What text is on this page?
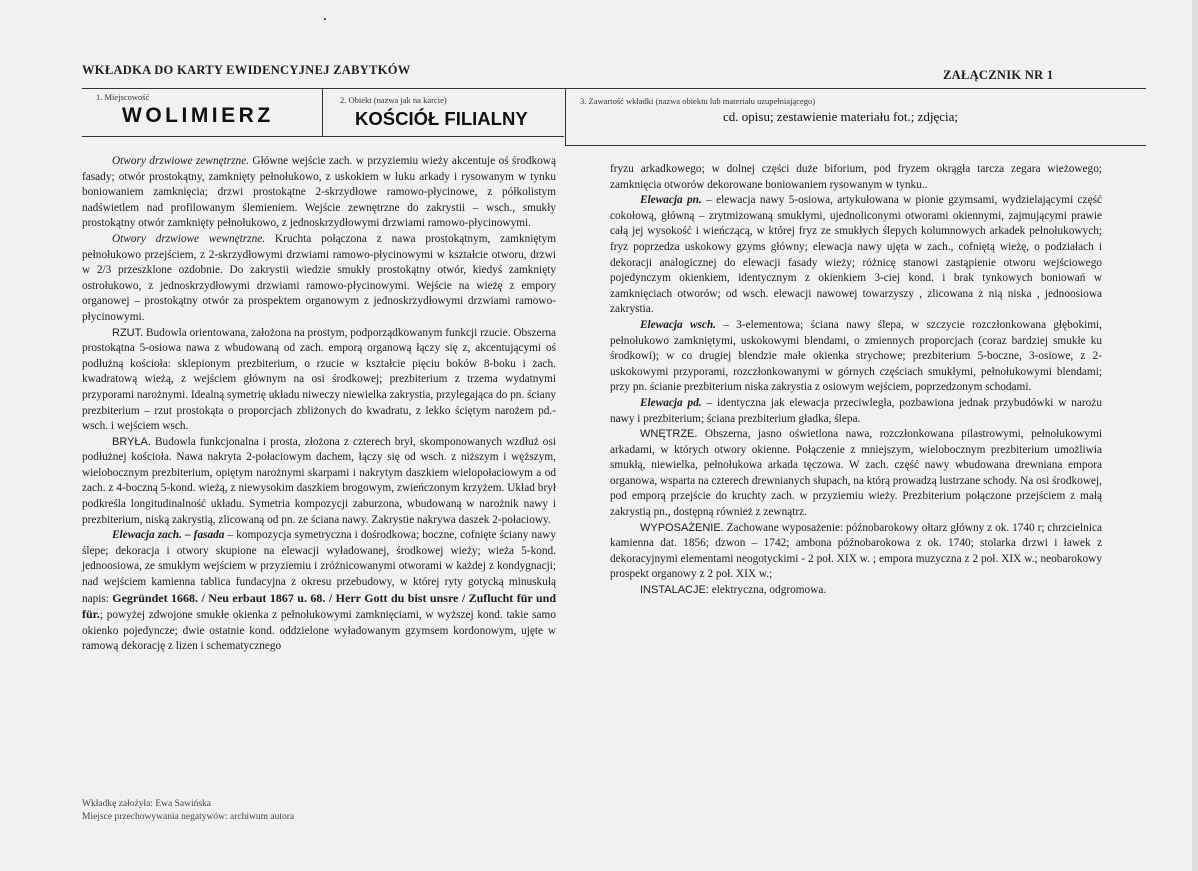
WKŁADKA DO KARTY EWIDENCYJNEJ ZABYTKÓW	ZAŁĄCZNIK NR 1
1. Miejscowość
WOLIMIERZ
2. Obiekt (nazwa jak na karcie)
KOŚCIÓŁ FILIALNY
3. Zawartość wkładki (nazwa obiektu lub materiału uzupełniającego)
cd. opisu; zestawienie materiału fot.; zdjęcia;

Otwory drzwiowe zewnętrzne. Główne wejście zach. w przyziemiu wieży akcentuje oś środkową fasady; otwór prostokątny, zamknięty pełnołukowo, z uskokiem w łuku arkady i rysowanym w tynku boniowaniem zamknięcia; drzwi prostokątne 2-skrzydłowe ramowo-płycinowe, z półkolistym nadświetlem nad profilowanym ślemieniem. Wejście zewnętrzne do zakrystii – wsch., smukły prostokątny otwór zamknięty pełnołukowo, z jednoskrzydłowymi drzwiami ramowo-płycinowymi.

Otwory drzwiowe wewnętrzne. Kruchta połączona z nawa prostokątnym, zamkniętym pełnołukowo przejściem, z 2-skrzydłowymi drzwiami ramowo-płycinowymi w kształcie otworu, drzwi w 2/3 przeszklone ozdobnie. Do zakrystii wiedzie smukły prostokątny otwór, kiedyś zamknięty ostrołukowo, z jednoskrzydłowymi drzwiami ramowo-płycinowymi. Wejście na wieżę z empory organowej – prostokątny otwór za prospektem organowym z jednoskrzydłowymi drzwiami ramowo-płycinowymi.

RZUT. Budowla orientowana, założona na prostym, podporządkowanym funkcji rzucie. Obszerna prostokątna 5-osiowa nawa z wbudowaną od zach. emporą organową łączy się z, akcentującymi oś podłużną kościoła: sklepionym prezbiterium, o rzucie w kształcie pięciu boków 8-boku i zach. kwadratową wieżą, z wejściem głównym na osi środkowej; prezbiterium z trzema wydatnymi przyporami narożnymi. Idealną symetrię układu niweczy niewielka zakrystia, przylegająca do pn. ściany prezbiterium – rzut prostokąta o proporcjach zbliżonych do kwadratu, z lekko ściętym narożem pd.-wsch. i wejściem wsch.

BRYŁA. Budowla funkcjonalna i prosta, złożona z czterech brył, skomponowanych wzdłuż osi podłużnej kościoła. Nawa nakryta 2-połaciowym dachem, łączy się od wsch. z niższym i węższym, wielobocznym prezbiterium, opiętym narożnymi skarpami i nakrytym daszkiem wielopołaciowym a od zach. z 4-boczną 5-kond. wieżą, z niewysokim daszkiem brogowym, zwieńczonym krzyżem. Układ brył podkreśla longitudinalność układu. Symetria kompozycji zaburzona, wbudowaną w narożnik nawy i prezbiterium, niską zakrystią, zlicowaną od pn. ze ściana nawy. Zakrystie nakrywa daszek 2-połaciowy.

Elewacja zach. – fasada – kompozycja symetryczna i dośrodkowa; boczne, cofnięte ściany nawy ślepe; dekoracja i otwory skupione na elewacji wyładowanej, środkowej wieży; wieża 5-kond. jednoosiowa, ze smukłym wejściem w przyziemiu i zróżnicowanymi otworami w każdej z kondygnacji; nad wejściem kamienna tablica fundacyjna z okresu przebudowy, w której ryty gotycką minuskułą napis: Gegründet 1668. / Neu erbaut 1867 u. 68. / Herr Gott du bist unsre / Zuflucht für und für.; powyżej zdwojone smukłe okienka z pełnołukowymi zamknięciami, w wyższej kond. takie samo okienko pojedyncze; dwie ostatnie kond. oddzielone wyładowanym gzymsem kordonowym, ujęte w ramową dekorację z lizen i schematycznego

fryzu arkadkowego; w dolnej części duże biforium, pod fryzem okrągła tarcza zegara wieżowego; zamknięcia otworów dekorowane boniowaniem rysowanym w tynku..

Elewacja pn. – elewacja nawy 5-osiowa, artykułowana w pionie gzymsami, wydzielającymi część cokołową, główną – zrytmizowaną smukłymi, ujednoliconymi otworami okiennymi, zajmującymi prawie całą jej wysokość i wieńczącą, w której fryz ze smukłych ślepych kolumnowych arkadek pełnołukowych; fryz poprzedza uskokowy gzyms główny; elewacja nawy ujęta w zach., cofniętą wieżę, o podziałach i dekoracji analogicznej do elewacji fasady wieży; różnicę stanowi zastąpienie otworu wejściowego pojedynczym okienkiem, identycznym z okienkiem 3-ciej kond. i brak tynkowych boniowań w zamknięciach otworów; od wsch. elewacji nawowej towarzyszy , zlicowana z nią niska , jednoosiowa zakrystia.

Elewacja wsch. – 3-elementowa; ściana nawy ślepa, w szczycie rozczłonkowana głębokimi, pełnołukowo zamkniętymi, uskokowymi blendami, o zmiennych proporcjach (coraz bardziej smukłe ku środkowi); w co drugiej blendzie małe okienka strychowe; prezbiterium 5-boczne, 3-osiowe, z 2-uskokowymi przyporami, rozczłonkowanymi w górnych częściach smukłymi, pełnołukowymi blendami; przy pn. ścianie prezbiterium niska zakrystia z osiowym wejściem, poprzedzonym schodami.

Elewacja pd. – identyczna jak elewacja przeciwległa, pozbawiona jednak przybudówki w narożu nawy i prezbiterium; ściana prezbiterium gładka, ślepa.

WNĘTRZE. Obszerna, jasno oświetlona nawa, rozczłonkowana pilastrowymi, pełnołukowymi arkadami, w których otwory okienne. Połączenie z mniejszym, wielobocznym prezbiterium umożliwia smukłą, niewielka, pełnołukowa arkada tęczowa. W zach. część nawy wbudowana drewniana empora organowa, wsparta na czterech drewnianych słupach, na którą prowadzą lustrzane schody. Na osi środkowej, pod emporą przejście do kruchty zach. w przyziemiu wieży. Prezbiterium połączone przejściem z małą zakrystią pn., dostępną również z zewnątrz.

WYPOSAŻENIE. Zachowane wyposażenie: późnobarokowy ołtarz główny z ok. 1740 r; chrzcielnica kamienna dat. 1856; dzwon – 1742; ambona późnobarokowa z ok. 1740; stolarka drzwi i ławek z dekoracyjnymi elementami neogotyckimi - 2 poł. XIX w. ; empora muzyczna z 2 poł. XIX w.; neobarokowy prospekt organowy z 2 poł. XIX w.;

INSTALACJE: elektryczna, odgromowa.

Wkładkę założyła: Ewa Sawińska
Miejsce przechowywania negatywów: archiwum autora
